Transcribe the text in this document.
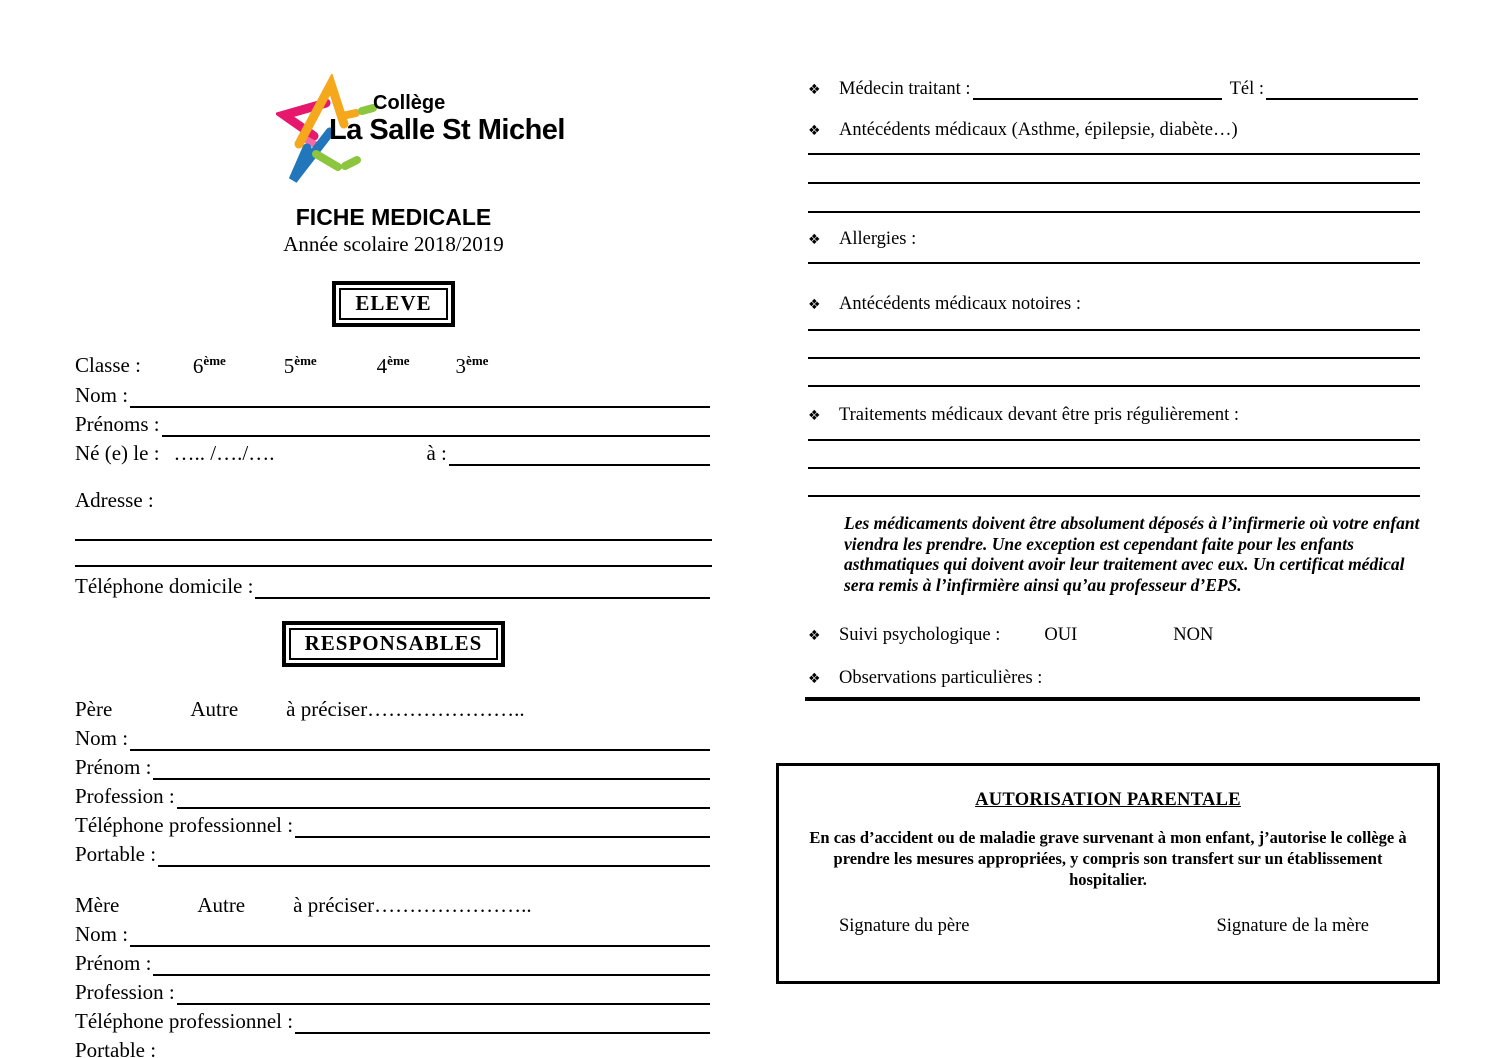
Collège
La Salle St Michel
FICHE MEDICALE
Année scolaire 2018/2019
ELEVE
Classe : 6ème	5ème	4ème 3ème
Nom :
Prénoms :
Né (e) le : ….. /…./….	à :
Adresse :
Téléphone domicile :
RESPONSABLES
Père	Autre à préciser…………………..
Nom :
Prénom :
Profession :
Téléphone professionnel :
Portable :
Mère	Autre à préciser…………………..
Nom :
Prénom :
Profession :
Téléphone professionnel :
Portable :
❖ Médecin traitant :	Tél :
❖ Antécédents médicaux (Asthme, épilepsie, diabète…)
❖ Allergies :
❖ Antécédents médicaux notoires :
❖ Traitements médicaux devant être pris régulièrement :
Les médicaments doivent être absolument déposés à l’infirmerie où votre enfant viendra les prendre. Une exception est cependant faite pour les enfants asthmatiques qui doivent avoir leur traitement avec eux. Un certificat médical sera remis à l’infirmière ainsi qu’au professeur d’EPS.
❖ Suivi psychologique : OUI	NON
❖ Observations particulières :
AUTORISATION PARENTALE
En cas d’accident ou de maladie grave survenant à mon enfant, j’autorise le collège à prendre les mesures appropriées, y compris son transfert sur un établissement hospitalier.
Signature du père	Signature de la mère
